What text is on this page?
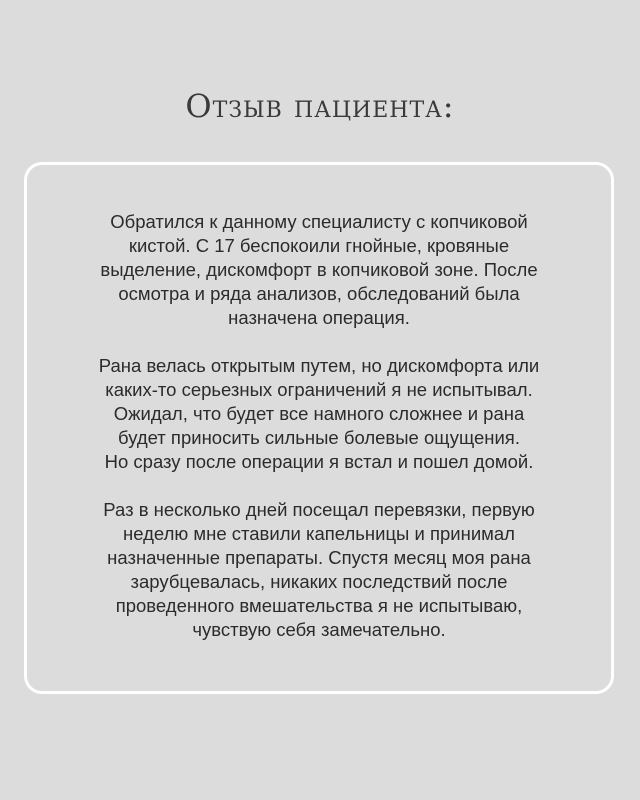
Отзыв пациента:

Обратился к данному специалисту с копчиковой
кистой. С 17 беспокоили гнойные, кровяные
выделение, дискомфорт в копчиковой зоне. После
осмотра и ряда анализов, обследований была
назначена операция.

Рана велась открытым путем, но дискомфорта или
каких-то серьезных ограничений я не испытывал.
Ожидал, что будет все намного сложнее и рана
будет приносить сильные болевые ощущения.
Но сразу после операции я встал и пошел домой.

Раз в несколько дней посещал перевязки, первую
неделю мне ставили капельницы и принимал
назначенные препараты. Спустя месяц моя рана
зарубцевалась, никаких последствий после
проведенного вмешательства я не испытываю,
чувствую себя замечательно.
